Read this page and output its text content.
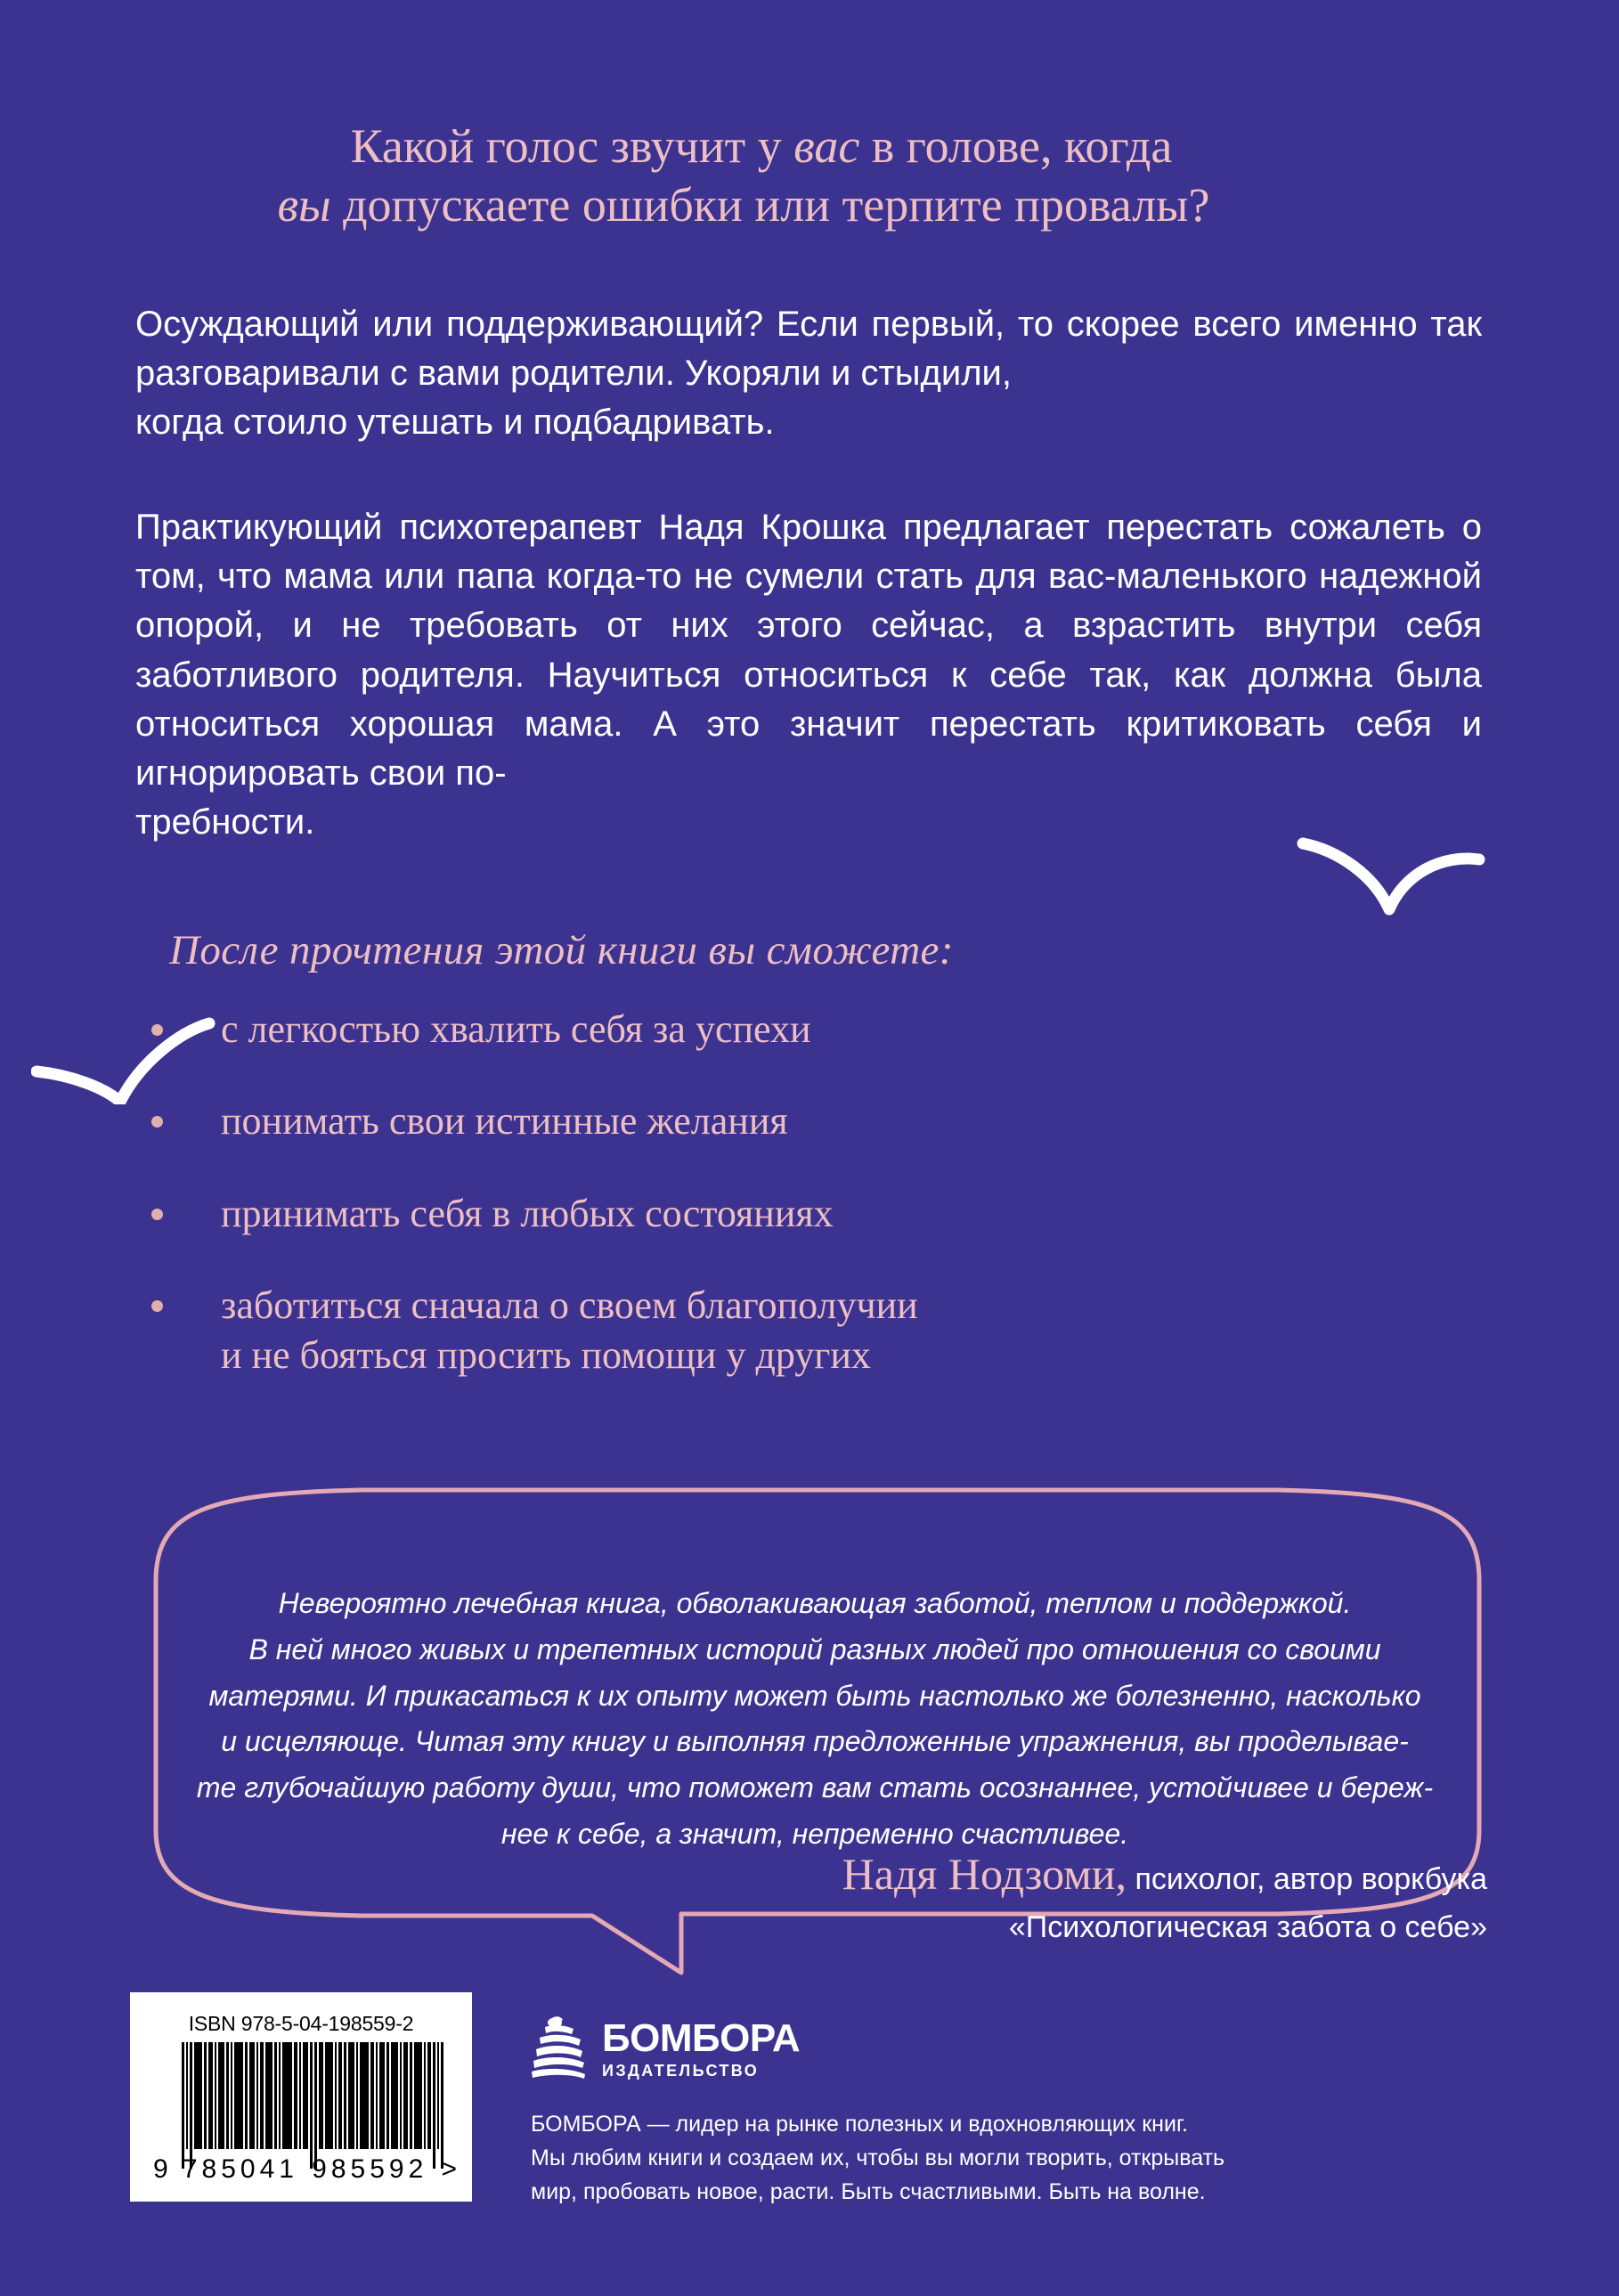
Какой голос звучит у вас в голове, когда
вы допускаете ошибки или терпите провалы?
Осуждающий или поддерживающий? Если первый, то скорее всего именно так разговаривали с вами родители. Укоряли и стыдили,
когда стоило утешать и подбадривать.
Практикующий психотерапевт Надя Крошка предлагает перестать сожалеть о том, что мама или папа когда-то не сумели стать для вас-маленького надежной опорой, и не требовать от них этого сейчас, а взрастить внутри себя заботливого родителя. Научиться относиться к себе так, как должна была относиться хорошая мама. А это значит перестать критиковать себя и игнорировать свои по-
требности.
После прочтения этой книги вы сможете:
с легкостью хвалить себя за успехи
понимать свои истинные желания
принимать себя в любых состояниях
заботиться сначала о своем благополучии
и не бояться просить помощи у других
Невероятно лечебная книга, обволакивающая заботой, теплом и поддержкой.
В ней много живых и трепетных историй разных людей про отношения со своими
матерями. И прикасаться к их опыту может быть настолько же болезненно, насколько
и исцеляюще. Читая эту книгу и выполняя предложенные упражнения, вы проделывае-
те глубочайшую работу души, что поможет вам стать осознаннее, устойчивее и береж-
нее к себе, а значит, непременно счастливее.
Надя Нодзоми, психолог, автор воркбука
«Психологическая забота о себе»
ISBN 978-5-04-198559-2
9 785041 985592 >
БОМБОРА
ИЗДАТЕЛЬСТВО
БОМБОРА — лидер на рынке полезных и вдохновляющих книг.
Мы любим книги и создаем их, чтобы вы могли творить, открывать
мир, пробовать новое, расти. Быть счастливыми. Быть на волне.
